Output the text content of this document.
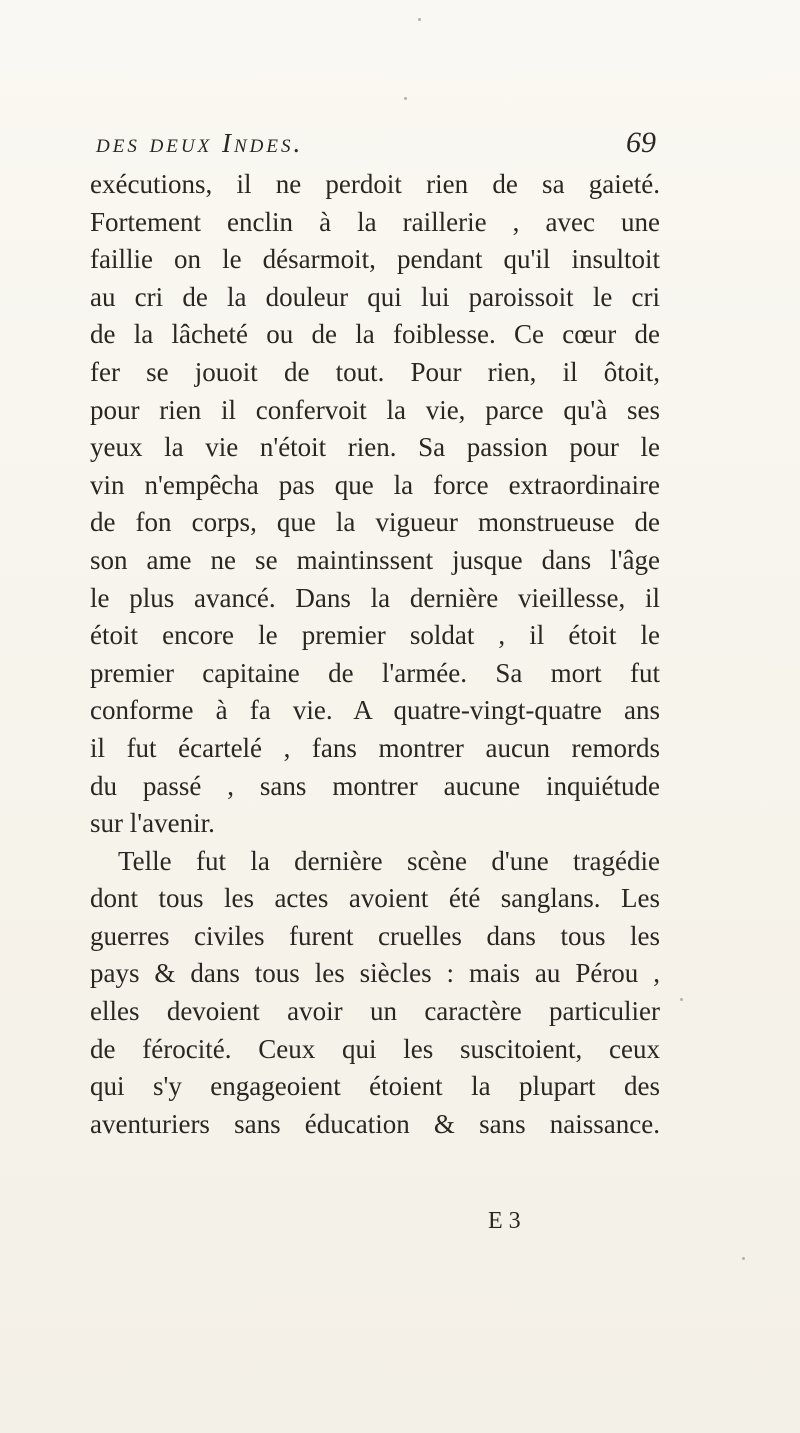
des deux Indes.	69
exécutions, il ne perdoit rien de sa gaieté.
Fortement enclin à la raillerie , avec une
faillie on le désarmoit, pendant qu'il insultoit
au cri de la douleur qui lui paroissoit le cri
de la lâcheté ou de la foiblesse. Ce cœur de
fer se jouoit de tout. Pour rien, il ôtoit,
pour rien il confervoit la vie, parce qu'à ses
yeux la vie n'étoit rien. Sa passion pour le
vin n'empêcha pas que la force extraordinaire
de fon corps, que la vigueur monstrueuse de
son ame ne se maintinssent jusque dans l'âge
le plus avancé. Dans la dernière vieillesse, il
étoit encore le premier soldat , il étoit le
premier capitaine de l'armée. Sa mort fut
conforme à fa vie. A quatre-vingt-quatre ans
il fut écartelé , fans montrer aucun remords
du passé , sans montrer aucune inquiétude
sur l'avenir.
Telle fut la dernière scène d'une tragédie
dont tous les actes avoient été sanglans. Les
guerres civiles furent cruelles dans tous les
pays & dans tous les siècles : mais au Pérou ,
elles devoient avoir un caractère particulier
de férocité. Ceux qui les suscitoient, ceux
qui s'y engageoient étoient la plupart des
aventuriers sans éducation & sans naissance.
E 3
